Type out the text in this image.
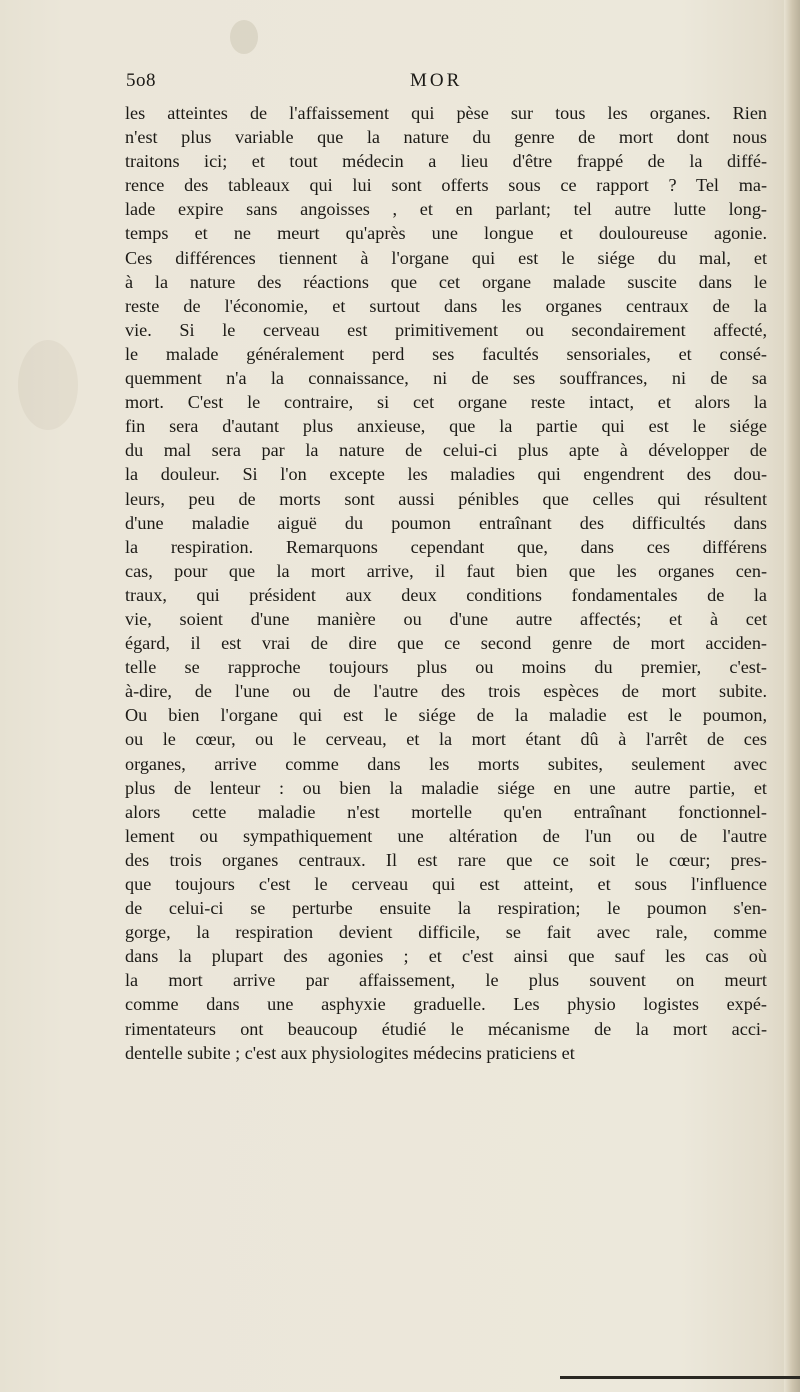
5o8	MOR
les atteintes de l'affaissement qui pèse sur tous les organes. Rien
n'est plus variable que la nature du genre de mort dont nous
traitons ici; et tout médecin a lieu d'être frappé de la diffé-
rence des tableaux qui lui sont offerts sous ce rapport ? Tel ma-
lade expire sans angoisses , et en parlant; tel autre lutte long-
temps et ne meurt qu'après une longue et douloureuse agonie.
Ces différences tiennent à l'organe qui est le siége du mal, et
à la nature des réactions que cet organe malade suscite dans le
reste de l'économie, et surtout dans les organes centraux de la
vie. Si le cerveau est primitivement ou secondairement affecté,
le malade généralement perd ses facultés sensoriales, et consé-
quemment n'a la connaissance, ni de ses souffrances, ni de sa
mort. C'est le contraire, si cet organe reste intact, et alors la
fin sera d'autant plus anxieuse, que la partie qui est le siége
du mal sera par la nature de celui-ci plus apte à développer de
la douleur. Si l'on excepte les maladies qui engendrent des dou-
leurs, peu de morts sont aussi pénibles que celles qui résultent
d'une maladie aiguë du poumon entraînant des difficultés dans
la respiration. Remarquons cependant que, dans ces différens
cas, pour que la mort arrive, il faut bien que les organes cen-
traux, qui président aux deux conditions fondamentales de la
vie, soient d'une manière ou d'une autre affectés; et à cet
égard, il est vrai de dire que ce second genre de mort acciden-
telle se rapproche toujours plus ou moins du premier, c'est-
à-dire, de l'une ou de l'autre des trois espèces de mort subite.
Ou bien l'organe qui est le siége de la maladie est le poumon,
ou le cœur, ou le cerveau, et la mort étant dû à l'arrêt de ces
organes, arrive comme dans les morts subites, seulement avec
plus de lenteur : ou bien la maladie siége en une autre partie, et
alors cette maladie n'est mortelle qu'en entraînant fonctionnel-
lement ou sympathiquement une altération de l'un ou de l'autre
des trois organes centraux. Il est rare que ce soit le cœur; pres-
que toujours c'est le cerveau qui est atteint, et sous l'influence
de celui-ci se perturbe ensuite la respiration; le poumon s'en-
gorge, la respiration devient difficile, se fait avec rale, comme
dans la plupart des agonies ; et c'est ainsi que sauf les cas où
la mort arrive par affaissement, le plus souvent on meurt
comme dans une asphyxie graduelle. Les physio logistes expé-
rimentateurs ont beaucoup étudié le mécanisme de la mort acci-
dentelle subite ; c'est aux physiologites médecins praticiens et
